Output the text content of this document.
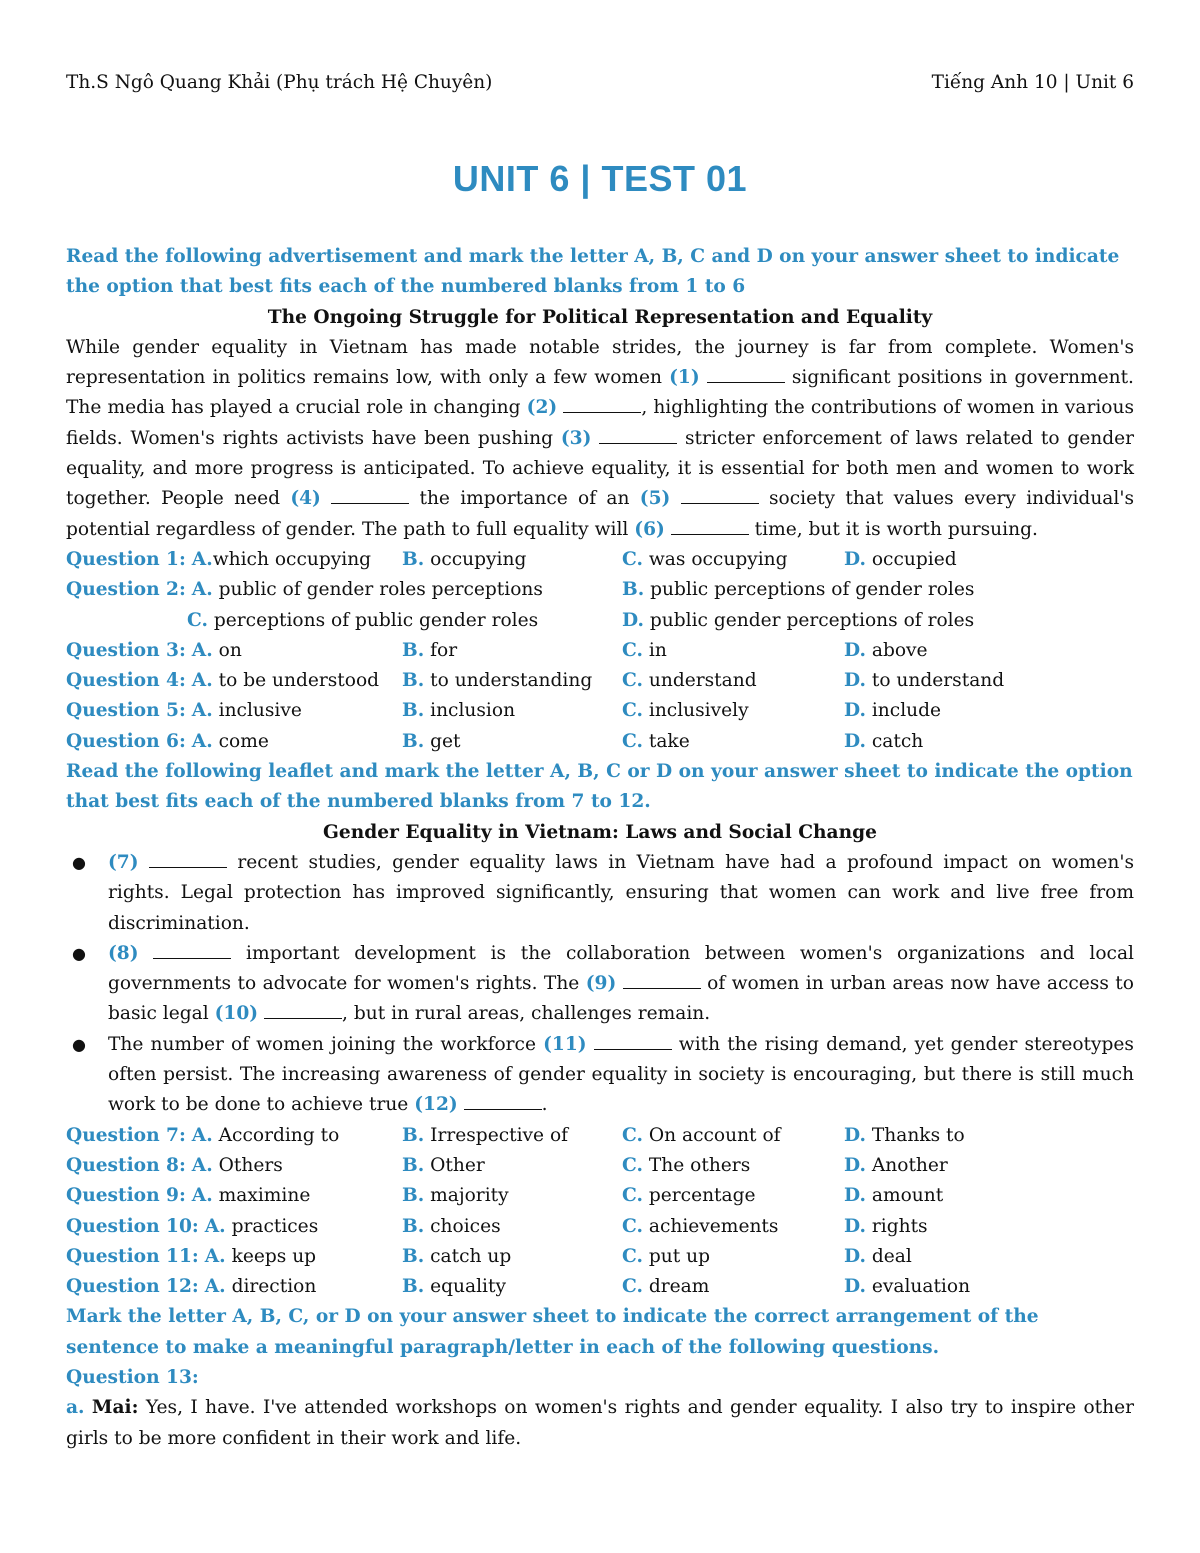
Th.S Ngô Quang Khải (Phụ trách Hệ Chuyên)	Tiếng Anh 10 | Unit 6
UNIT 6 | TEST 01
Read the following advertisement and mark the letter A, B, C and D on your answer sheet to indicate the option that best fits each of the numbered blanks from 1 to 6
The Ongoing Struggle for Political Representation and Equality
While gender equality in Vietnam has made notable strides, the journey is far from complete. Women's representation in politics remains low, with only a few women (1)	significant positions in government. The media has played a crucial role in changing (2)	, highlighting the contributions of women in various fields. Women's rights activists have been pushing (3)	stricter enforcement of laws related to gender equality, and more progress is anticipated. To achieve equality, it is essential for both men and women to work together. People need (4)	the importance of an (5)	society that values every individual's potential regardless of gender. The path to full equality will (6)	time, but it is worth pursuing.
Question 1: A.which occupying B. occupying	C. was occupying	D. occupied
Question 2: A. public of gender roles perceptions	B. public perceptions of gender roles
C. perceptions of public gender roles	D. public gender perceptions of roles
Question 3: A. on	B. for	C. in	D. above
Question 4: A. to be understood B. to understanding C. understand	D. to understand
Question 5: A. inclusive	B. inclusion	C. inclusively	D. include
Question 6: A. come	B. get	C. take	D. catch
Read the following leaflet and mark the letter A, B, C or D on your answer sheet to indicate the option that best fits each of the numbered blanks from 7 to 12.
Gender Equality in Vietnam: Laws and Social Change
● (7)	recent studies, gender equality laws in Vietnam have had a profound impact on women's rights. Legal protection has improved significantly, ensuring that women can work and live free from discrimination.
● (8)	important development is the collaboration between women's organizations and local governments to advocate for women's rights. The (9)	of women in urban areas now have access to basic legal (10)	, but in rural areas, challenges remain.
● The number of women joining the workforce (11)	with the rising demand, yet gender stereotypes often persist. The increasing awareness of gender equality in society is encouraging, but there is still much work to be done to achieve true (12)	.
Question 7: A. According to	B. Irrespective of	C. On account of	D. Thanks to
Question 8: A. Others	B. Other	C. The others	D. Another
Question 9: A. maximine	B. majority	C. percentage	D. amount
Question 10: A. practices	B. choices	C. achievements	D. rights
Question 11: A. keeps up	B. catch up	C. put up	D. deal
Question 12: A. direction	B. equality	C. dream	D. evaluation
Mark the letter A, B, C, or D on your answer sheet to indicate the correct arrangement of the sentence to make a meaningful paragraph/letter in each of the following questions.
Question 13:
a. Mai: Yes, I have. I've attended workshops on women's rights and gender equality. I also try to inspire other girls to be more confident in their work and life.
